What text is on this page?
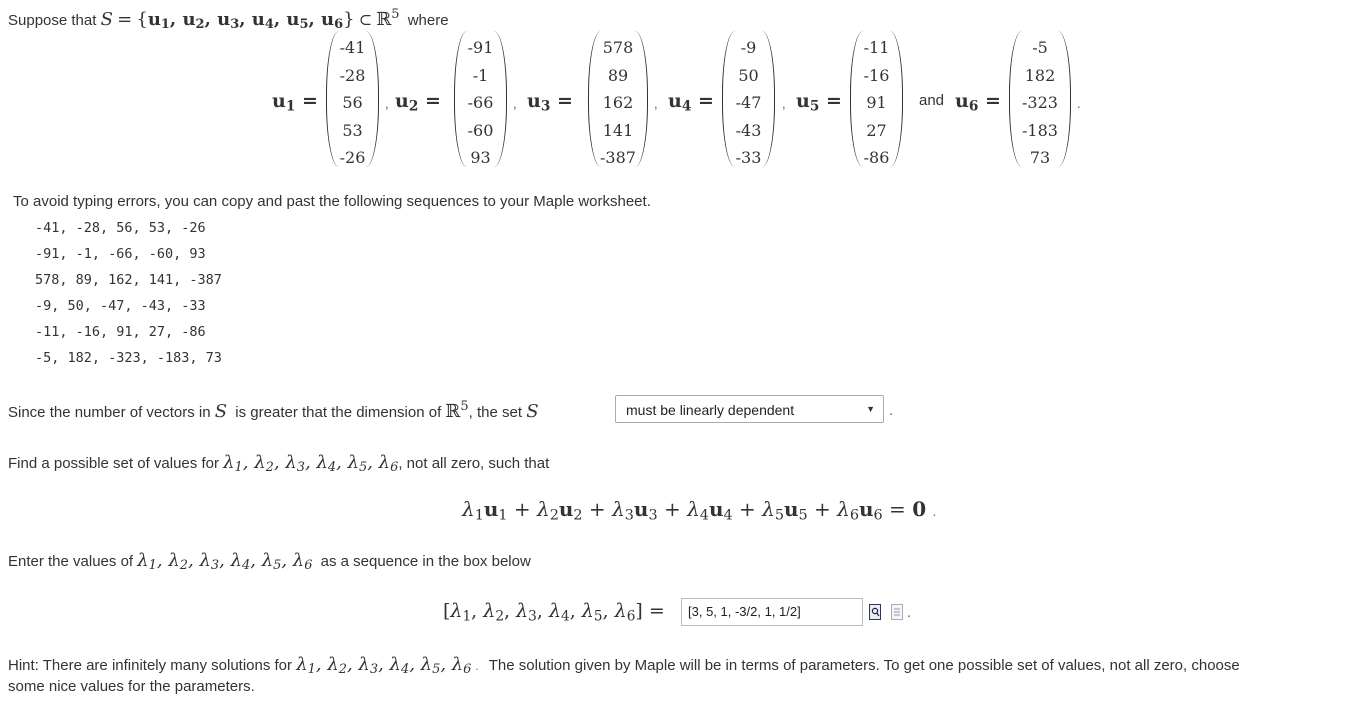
Suppose that $S = \{u_1$, $u_2$, $u_3$, $u_4$, $u_5$, $u_6$} ⊂ ℝ$^5$ where
$u_1$ =	$u_2$ =	$u_3$ =	$u_4$ =	$u_5$ =	and $u_6$ =
-41
-28
56
53
-26
,
-91
-1
-66
-60
93
,
578
89
162
141
-387
,
-9
50
-47
-43
-33
,
-11
-16
91
27
-86
-5
182
-323
-183
73
.
To avoid typing errors, you can copy and past the following sequences to your Maple worksheet.
-41, -28, 56, 53, -26
-91, -1, -66, -60, 93
578, 89, 162, 141, -387
-9, 50, -47, -43, -33
-11, -16, 91, 27, -86
-5, 182, -323, -183, 73
Since the number of vectors in S is greater that the dimension of ℝ$^5$, the set S	must be linearly dependent	▼ .
Find a possible set of values for $\lambda_1$, $\lambda_2$, $\lambda_3$, $\lambda_4$, $\lambda_5$, $\lambda_6$, not all zero, such that
$\lambda_1u_1 + \lambda_2u_2 + \lambda_3u_3 + \lambda_4u_4 + \lambda_5u_5 + \lambda_6u_6 = 0$ .
Enter the values of $\lambda_1$, $\lambda_2$, $\lambda_3$, $\lambda_4$, $\lambda_5$, $\lambda_6$ as a sequence in the box below
[$\lambda_1$, $\lambda_2$, $\lambda_3$, $\lambda_4$, $\lambda_5$, $\lambda_6$] =	[3, 5, 1, -3/2, 1, 1/2]	.
Hint: There are infinitely many solutions for $\lambda_1$, $\lambda_2$, $\lambda_3$, $\lambda_4$, $\lambda_5$, $\lambda_6$ . The solution given by Maple will be in terms of parameters. To get one possible set of values, not all zero, choose
some nice values for the parameters.
